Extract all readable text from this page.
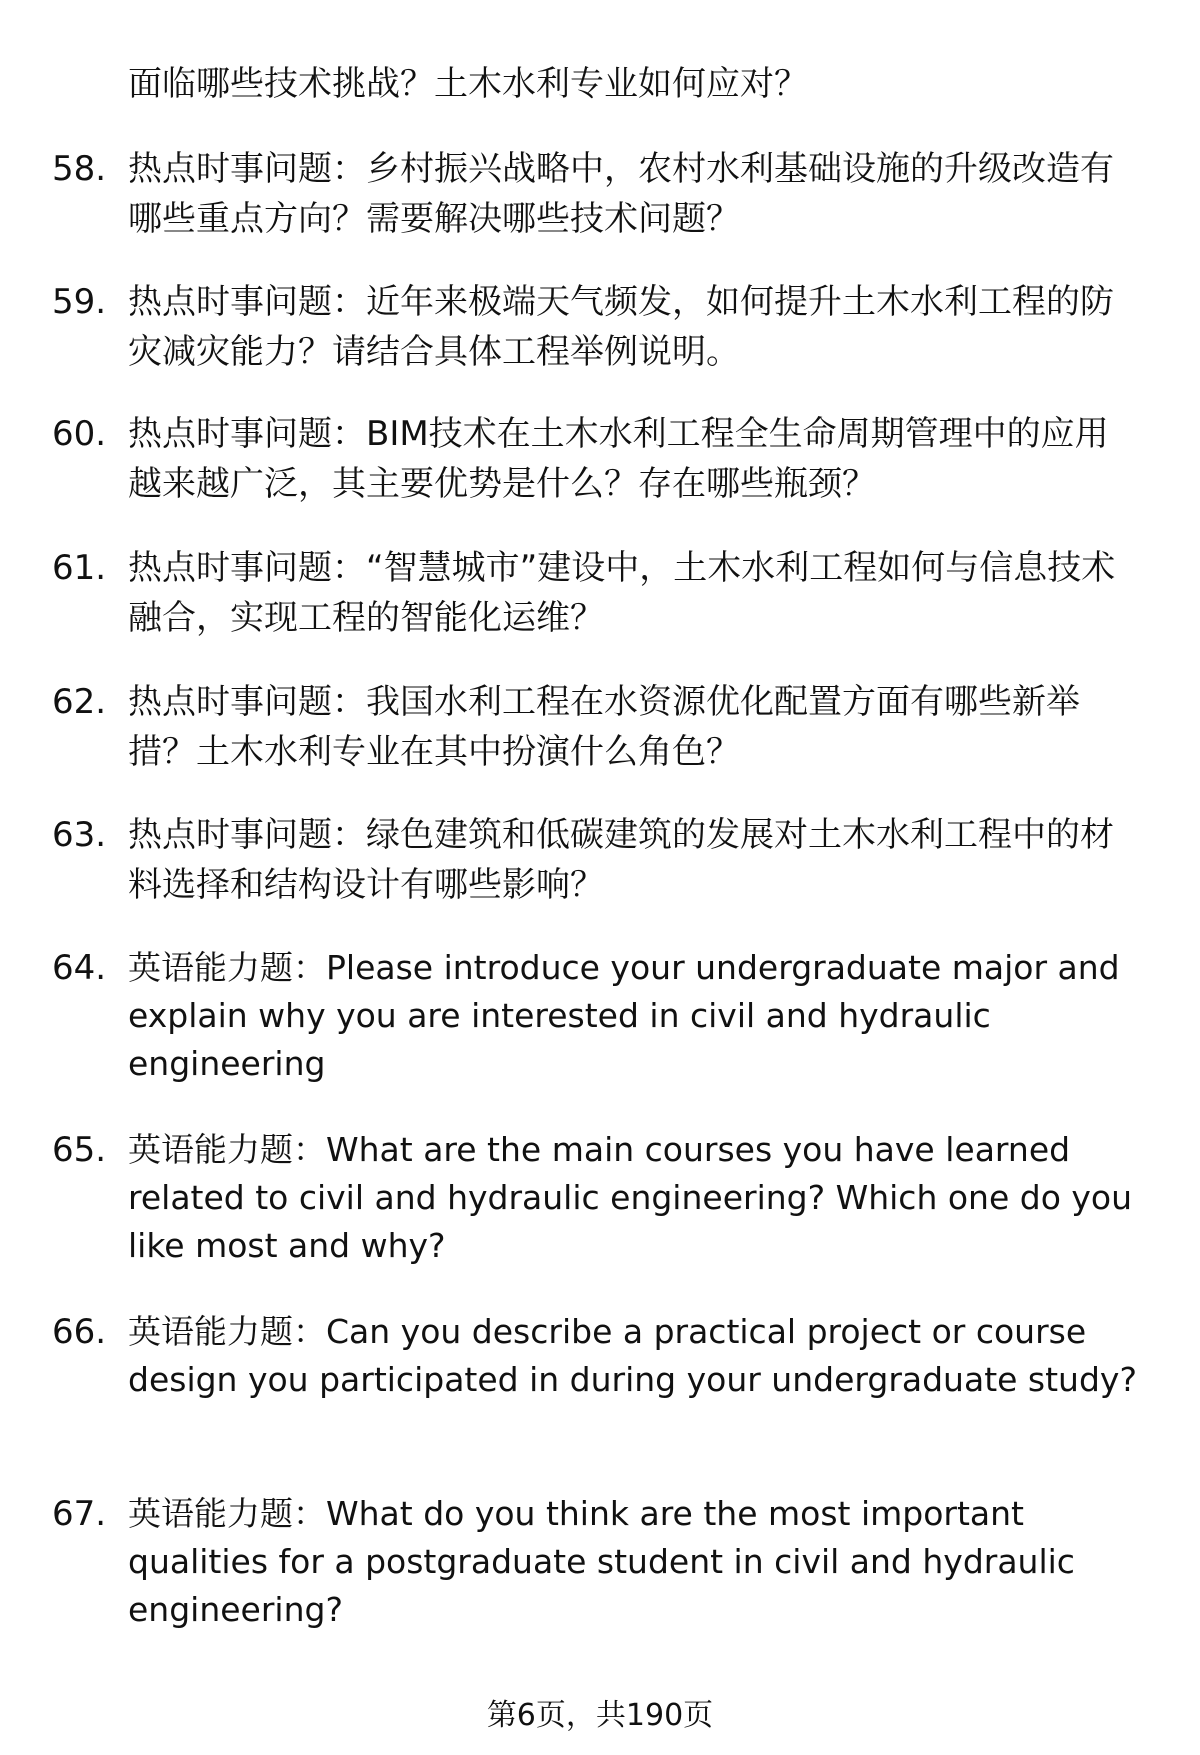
面临哪些技术挑战？土木水利专业如何应对？
58. 热点时事问题：乡村振兴战略中，农村水利基础设施的升级改造有哪些重点方向？需要解决哪些技术问题？
59. 热点时事问题：近年来极端天气频发，如何提升土木水利工程的防灾减灾能力？请结合具体工程举例说明。
60. 热点时事问题：BIM技术在土木水利工程全生命周期管理中的应用越来越广泛，其主要优势是什么？存在哪些瓶颈？
61. 热点时事问题：“智慧城市”建设中，土木水利工程如何与信息技术融合，实现工程的智能化运维？
62. 热点时事问题：我国水利工程在水资源优化配置方面有哪些新举措？土木水利专业在其中扮演什么角色？
63. 热点时事问题：绿色建筑和低碳建筑的发展对土木水利工程中的材料选择和结构设计有哪些影响？
64. 英语能力题：Please introduce your undergraduate major and explain why you are interested in civil and hydraulic engineering
65. 英语能力题：What are the main courses you have learned related to civil and hydraulic engineering? Which one do you like most and why?
66. 英语能力题：Can you describe a practical project or course design you participated in during your undergraduate study?
67. 英语能力题：What do you think are the most important qualities for a postgraduate student in civil and hydraulic engineering?
第6页，共190页
